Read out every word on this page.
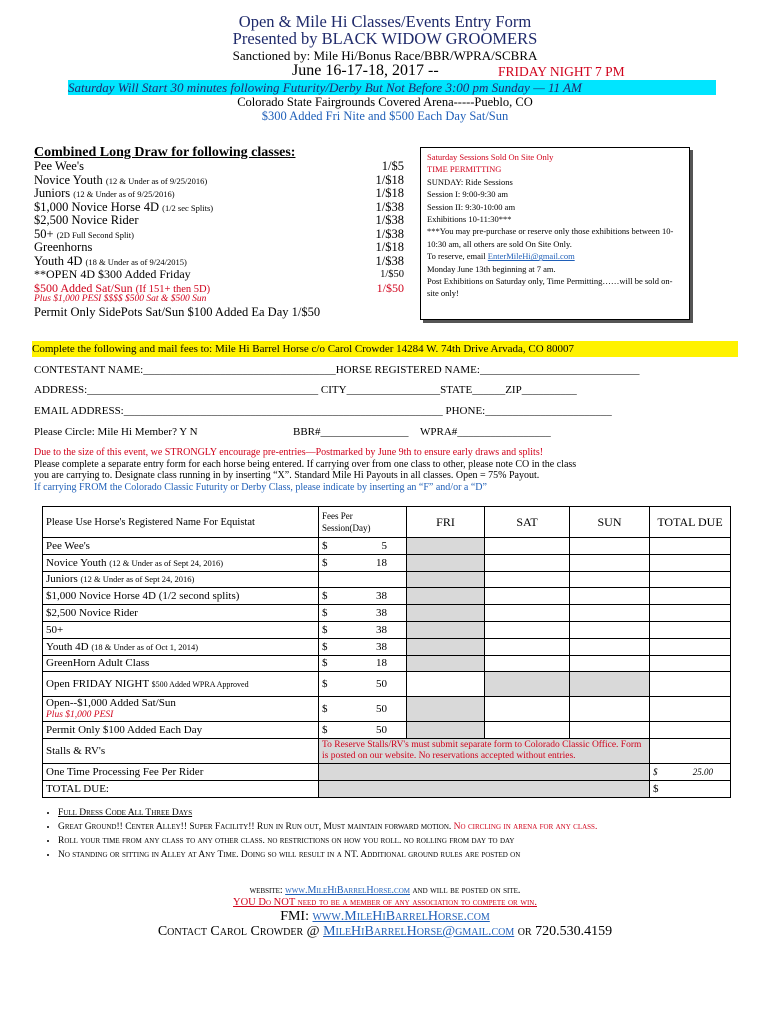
Open & Mile Hi Classes/Events Entry Form
Presented by BLACK WIDOW GROOMERS
Sanctioned by: Mile Hi/Bonus Race/BBR/WPRA/SCBRA
June 16-17-18, 2017 --	FRIDAY NIGHT 7 PM
Saturday Will Start 30 minutes following Futurity/Derby But Not Before 3:00 pm Sunday — 11 AM
Colorado State Fairgrounds Covered Arena-----Pueblo, CO
$300 Added Fri Nite and $500 Each Day Sat/Sun
Combined Long Draw for following classes:
Pee Wee's	1/$5
Novice Youth (12 & Under as of 9/25/2016)	1/$18
Juniors (12 & Under as of 9/25/2016)	1/$18
$1,000 Novice Horse 4D (1/2 sec Splits)	1/$38
$2,500 Novice Rider	1/$38
50+ (2D Full Second Split)	1/$38
Greenhorns	1/$18
Youth 4D (18 & Under as of 9/24/2015)	1/$38
**OPEN 4D $300 Added Friday	1/$50
$500 Added Sat/Sun (If 151+ then 5D)	1/$50
Plus $1,000 PESI $$$$ $500 Sat & $500 Sun
Permit Only SidePots Sat/Sun $100 Added Ea Day 1/$50

Saturday Sessions Sold On Site Only

TIME PERMITTING

SUNDAY: Ride Sessions

Session I: 9:00-9:30 am

Session II: 9:30-10:00 am

Exhibitions 10-11:30***

***You may pre-purchase or reserve only those exhibitions between 10-10:30 am, all others are sold On Site Only.

To reserve, email EnterMileHi@gmail.com

Monday June 13th beginning at 7 am.

Post Exhibitions on Saturday only, Time Permitting……will be sold on-site only!

Complete the following and mail fees to: Mile Hi Barrel Horse c/o Carol Crowder 14284 W. 74th Drive Arvada, CO 80007
CONTESTANT NAME:___________________________________HORSE REGISTERED NAME:_____________________________
ADDRESS:__________________________________________ CITY_________________STATE______ZIP__________
EMAIL ADDRESS:__________________________________________________________ PHONE:_______________________
Please Circle: Mile Hi Member? Y N	BBR#________________ WPRA#_________________
Due to the size of this event, we STRONGLY encourage pre-entries—Postmarked by June 9th to ensure early draws and splits!
Please complete a separate entry form for each horse being entered. If carrying over from one class to other, please note CO in the class
you are carrying to. Designate class running in by inserting “X”. Standard Mile Hi Payouts in all classes. Open = 75% Payout.
If carrying FROM the Colorado Classic Futurity or Derby Class, please indicate by inserting an “F” and/or a “D”
Please Use Horse's Registered Name For Equistat	Fees Per Session(Day)	FRI	SAT	SUN	TOTAL DUE
Pee Wee's	$ 5				

Novice Youth (12 & Under as of Sept 24, 2016)	$ 18				

Juniors (12 & Under as of Sept 24, 2016)					
$1,000 Novice Horse 4D (1/2 second splits)	$ 38				

$2,500 Novice Rider	$ 38				

50+	$ 38				

Youth 4D (18 & Under as of Oct 1, 2014)	$ 38				

GreenHorn Adult Class	$ 18				

Open FRIDAY NIGHT $500 Added WPRA Approved	$ 50				

Open--$1,000 Added Sat/Sun
Plus $1,000 PESI	$ 50				

Permit Only $100 Added Each Day	$ 50				

Stalls & RV's	To Reserve Stalls/RV's must submit separate form to Colorado Classic Office. Form is posted on our website. No reservations accepted without entries.				
One Time Processing Fee Per Rider					$ 25.00

TOTAL DUE:					$
• Full Dress Code All Three Days
• Great Ground!! Center Alley!! Super Facility!! Run in Run out, Must maintain forward motion. No circling in arena for any class.
• Roll your time from any class to any other class. no restrictions on how you roll. no rolling from day to day
• No standing or sitting in Alley at Any Time. Doing so will result in a NT. Additional ground rules are posted on
website: www.MileHiBarrelHorse.com and will be posted on site.
YOU Do NOT need to be a member of any association to compete or win.
FMI: www.MileHiBarrelHorse.com
Contact Carol Crowder @ MileHiBarrelHorse@gmail.com or 720.530.4159
